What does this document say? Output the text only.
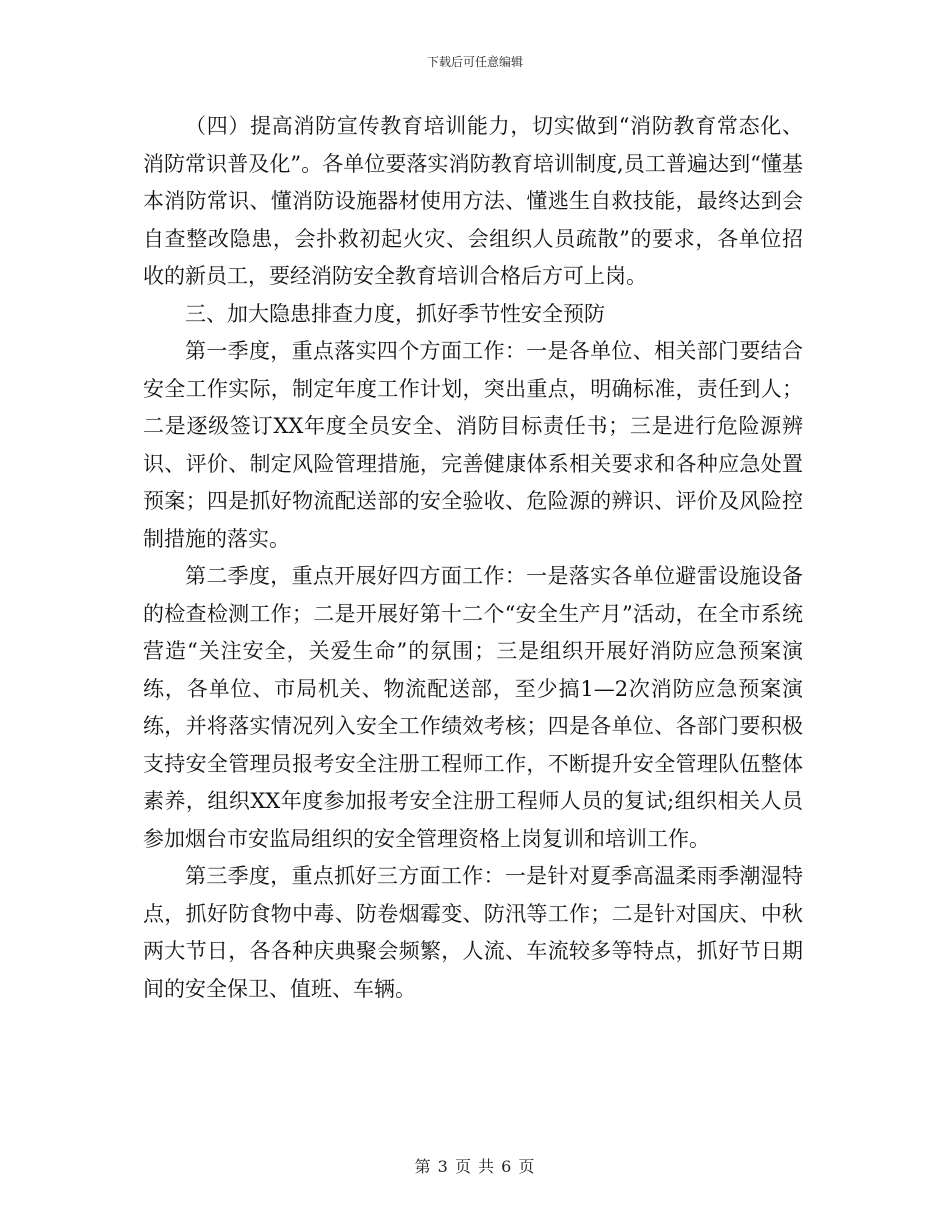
下载后可任意编辑

（四）提高消防宣传教育培训能力，切实做到“消防教育常态化、消防常识普及化”。各单位要落实消防教育培训制度,员工普遍达到“懂基本消防常识、懂消防设施器材使用方法、懂逃生自救技能，最终达到会自查整改隐患，会扑救初起火灾、会组织人员疏散”的要求，各单位招收的新员工，要经消防安全教育培训合格后方可上岗。

三、加大隐患排查力度，抓好季节性安全预防

第一季度，重点落实四个方面工作：一是各单位、相关部门要结合安全工作实际，制定年度工作计划，突出重点，明确标准，责任到人；二是逐级签订XX年度全员安全、消防目标责任书；三是进行危险源辨识、评价、制定风险管理措施，完善健康体系相关要求和各种应急处置预案；四是抓好物流配送部的安全验收、危险源的辨识、评价及风险控制措施的落实。

第二季度，重点开展好四方面工作：一是落实各单位避雷设施设备的检查检测工作；二是开展好第十二个“安全生产月”活动，在全市系统营造“关注安全，关爱生命”的氛围；三是组织开展好消防应急预案演练，各单位、市局机关、物流配送部，至少搞1—2次消防应急预案演练，并将落实情况列入安全工作绩效考核；四是各单位、各部门要积极支持安全管理员报考安全注册工程师工作，不断提升安全管理队伍整体素养，组织XX年度参加报考安全注册工程师人员的复试;组织相关人员参加烟台市安监局组织的安全管理资格上岗复训和培训工作。

第三季度，重点抓好三方面工作：一是针对夏季高温柔雨季潮湿特点，抓好防食物中毒、防卷烟霉变、防汛等工作；二是针对国庆、中秋两大节日，各各种庆典聚会频繁，人流、车流较多等特点，抓好节日期间的安全保卫、值班、车辆。

第 3 页 共 6 页
